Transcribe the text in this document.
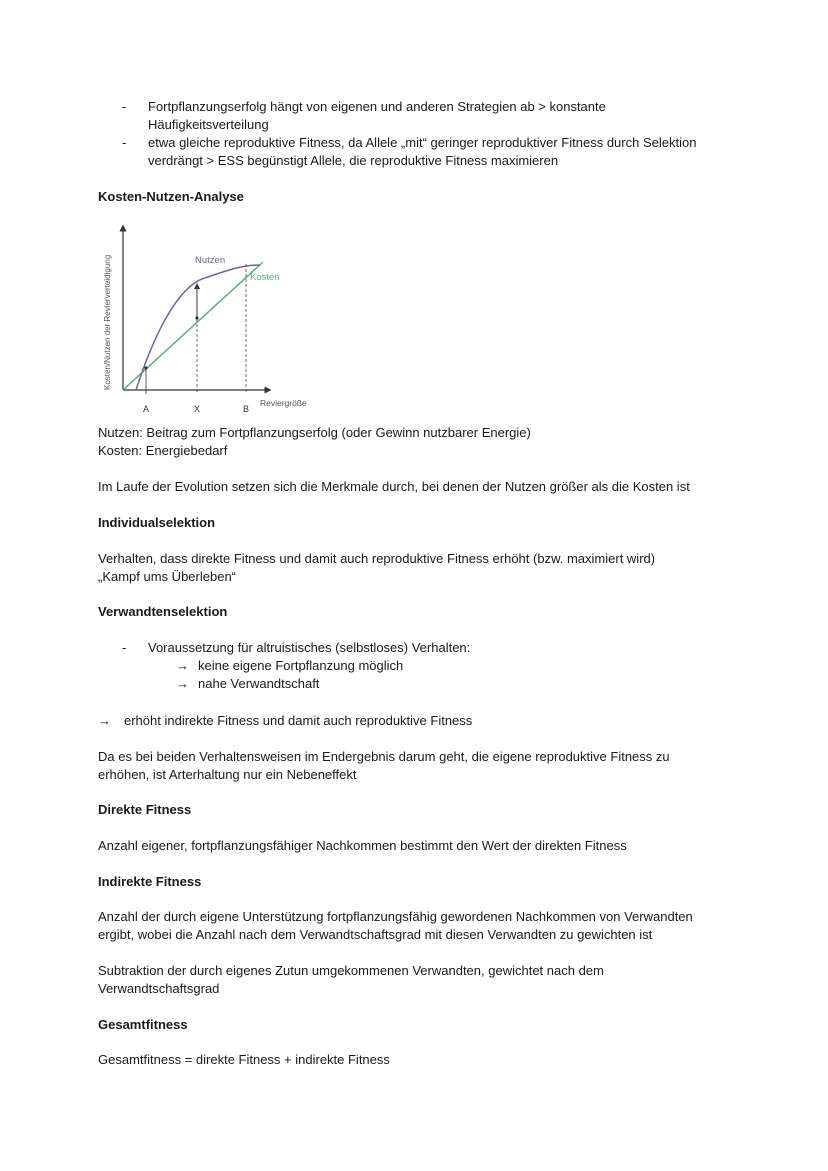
-	Fortpflanzungserfolg hängt von eigenen und anderen Strategien ab > konstante
Häufigkeitsverteilung
-	etwa gleiche reproduktive Fitness, da Allele „mit“ geringer reproduktiver Fitness durch Selektion
verdrängt > ESS begünstigt Allele, die reproduktive Fitness maximieren
Kosten-Nutzen-Analyse
Kosten/Nutzen der Revierverteidigung	Nutzen
Kosten
A	X	B
Reviergröße
Nutzen: Beitrag zum Fortpflanzungserfolg (oder Gewinn nutzbarer Energie)
Kosten: Energiebedarf
Im Laufe der Evolution setzen sich die Merkmale durch, bei denen der Nutzen größer als die Kosten ist
Individualselektion
Verhalten, dass direkte Fitness und damit auch reproduktive Fitness erhöht (bzw. maximiert wird)
„Kampf ums Überleben“
Verwandtenselektion
-	Voraussetzung für altruistisches (selbstloses) Verhalten:
→ keine eigene Fortpflanzung möglich
→ nahe Verwandtschaft
→	erhöht indirekte Fitness und damit auch reproduktive Fitness
Da es bei beiden Verhaltensweisen im Endergebnis darum geht, die eigene reproduktive Fitness zu
erhöhen, ist Arterhaltung nur ein Nebeneffekt
Direkte Fitness
Anzahl eigener, fortpflanzungsfähiger Nachkommen bestimmt den Wert der direkten Fitness
Indirekte Fitness
Anzahl der durch eigene Unterstützung fortpflanzungsfähig gewordenen Nachkommen von Verwandten
ergibt, wobei die Anzahl nach dem Verwandtschaftsgrad mit diesen Verwandten zu gewichten ist
Subtraktion der durch eigenes Zutun umgekommenen Verwandten, gewichtet nach dem
Verwandtschaftsgrad
Gesamtfitness
Gesamtfitness = direkte Fitness + indirekte Fitness
